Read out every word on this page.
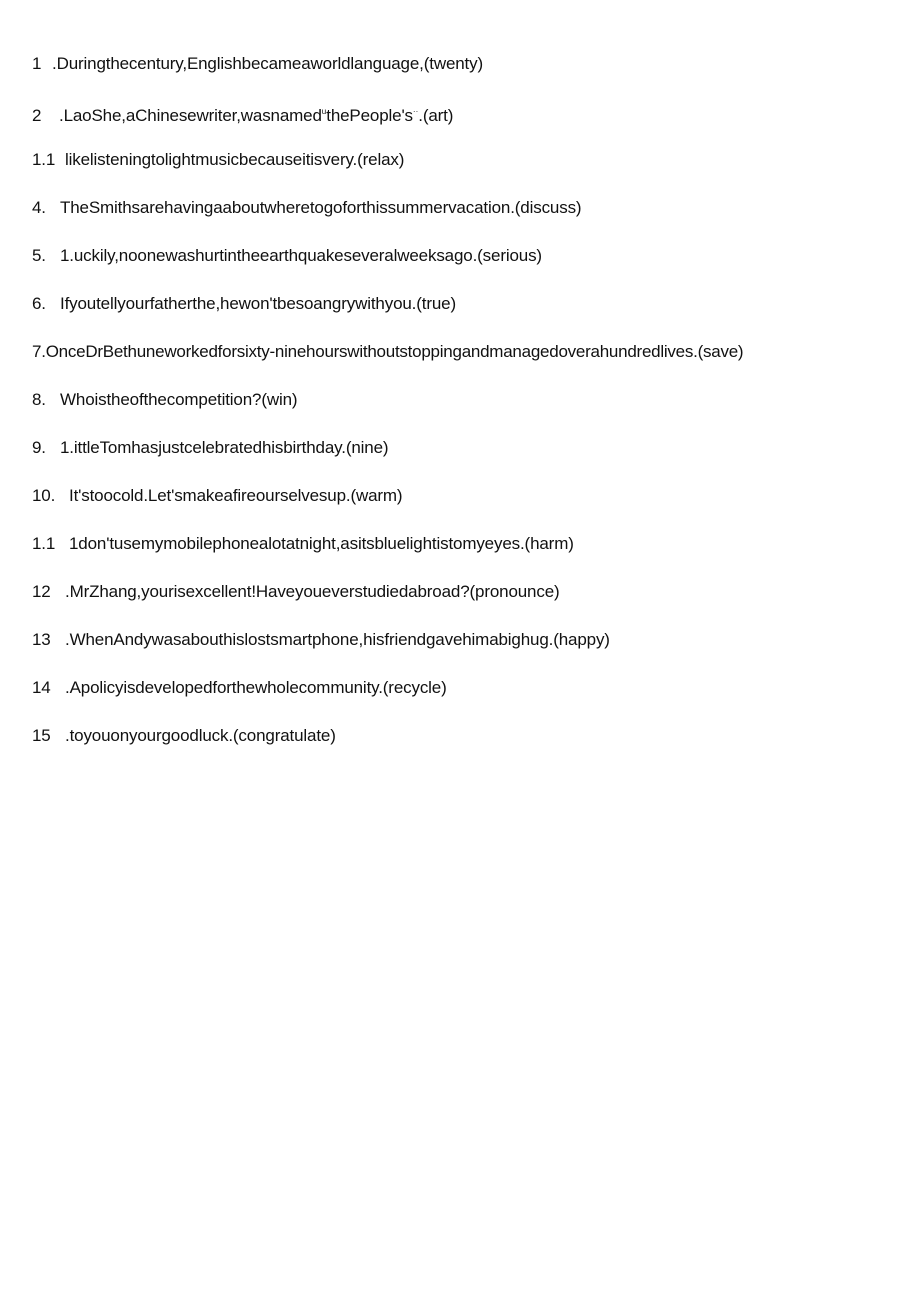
1 .Duringthecentury,Englishbecameaworldlanguage,(twenty)
2 .LaoShe,aChinesewriter,wasnamed$^u$thePeople's··.(art)
1.1 likelisteningtolightmusicbecauseitisvery.(relax)
4. TheSmithsarehavingaaboutwheretogoforthissummervacation.(discuss)
5. 1.uckily,noonewashurtintheearthquakeseveralweeksago.(serious)
6. Ifyoutellyourfatherthe,hewon'tbesoangrywithyou.(true)
7.OnceDrBethuneworkedforsixty-ninehourswithoutstoppingandmanagedoverahundredlives.(save)
8. Whoistheofthecompetition?(win)
9. 1.ittleTomhasjustcelebratedhisbirthday.(nine)
10. It'stoocold.Let'smakeafireourselvesup.(warm)
1.1 1don'tusemymobilephonealotatnight,asitsbluelightistomyeyes.(harm)
12 .MrZhang,yourisexcellent!Haveyoueverstudiedabroad?(pronounce)
13 .WhenAndywasabouthislostsmartphone,hisfriendgavehimabighug.(happy)
14 .Apolicyisdevelopedforthewholecommunity.(recycle)
15 .toyouonyourgoodluck.(congratulate)
